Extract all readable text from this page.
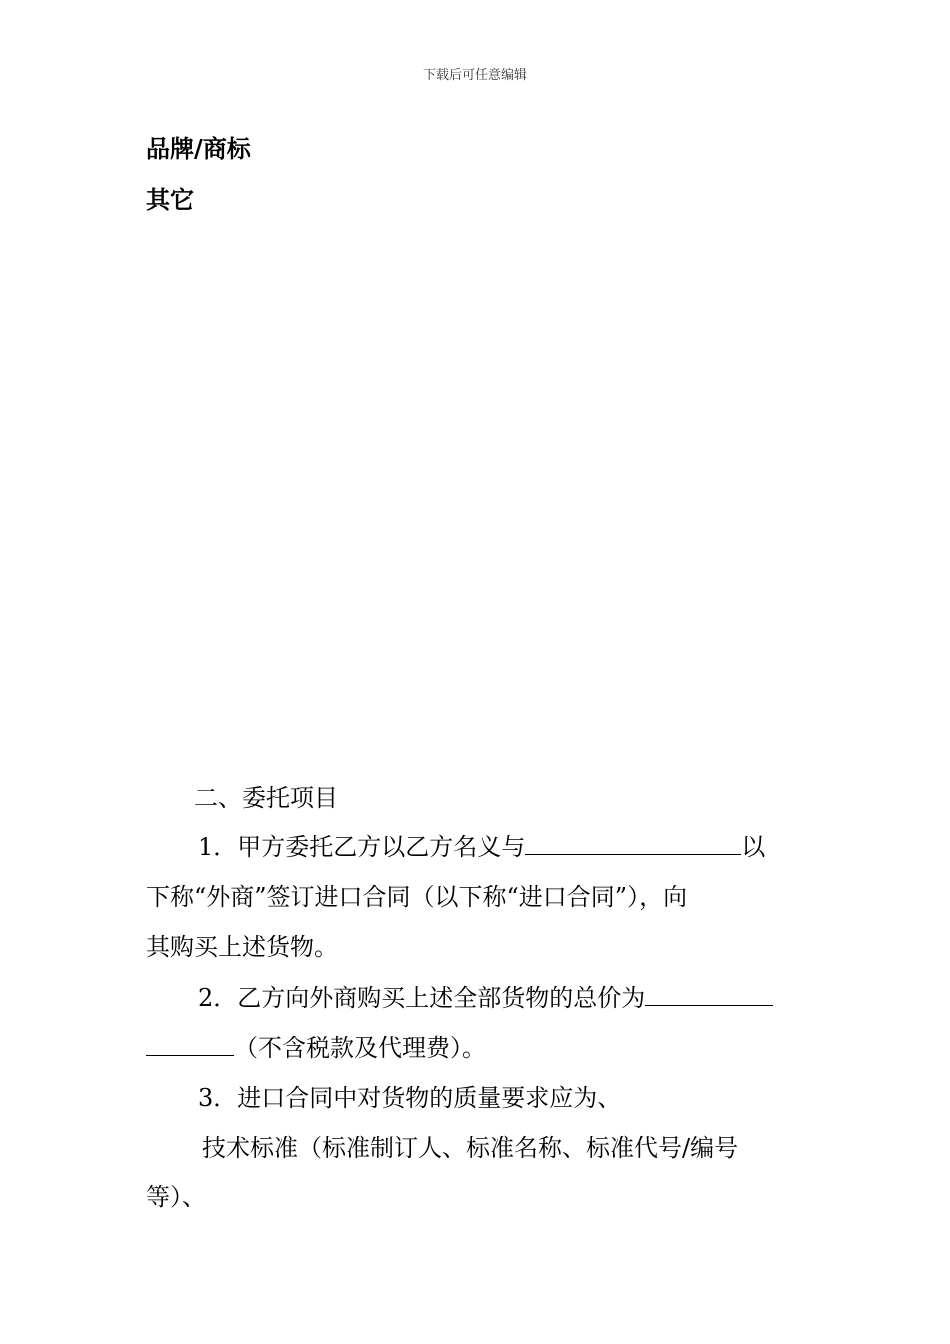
下载后可任意编辑
品牌/商标
其它
二、委托项目
1．甲方委托乙方以乙方名义与	以
下称“外商”签订进口合同（以下称“进口合同”），向
其购买上述货物。
2．乙方向外商购买上述全部货物的总价为
（不含税款及代理费）。
3．进口合同中对货物的质量要求应为、
技术标准（标准制订人、标准名称、标准代号/编号
等）、
